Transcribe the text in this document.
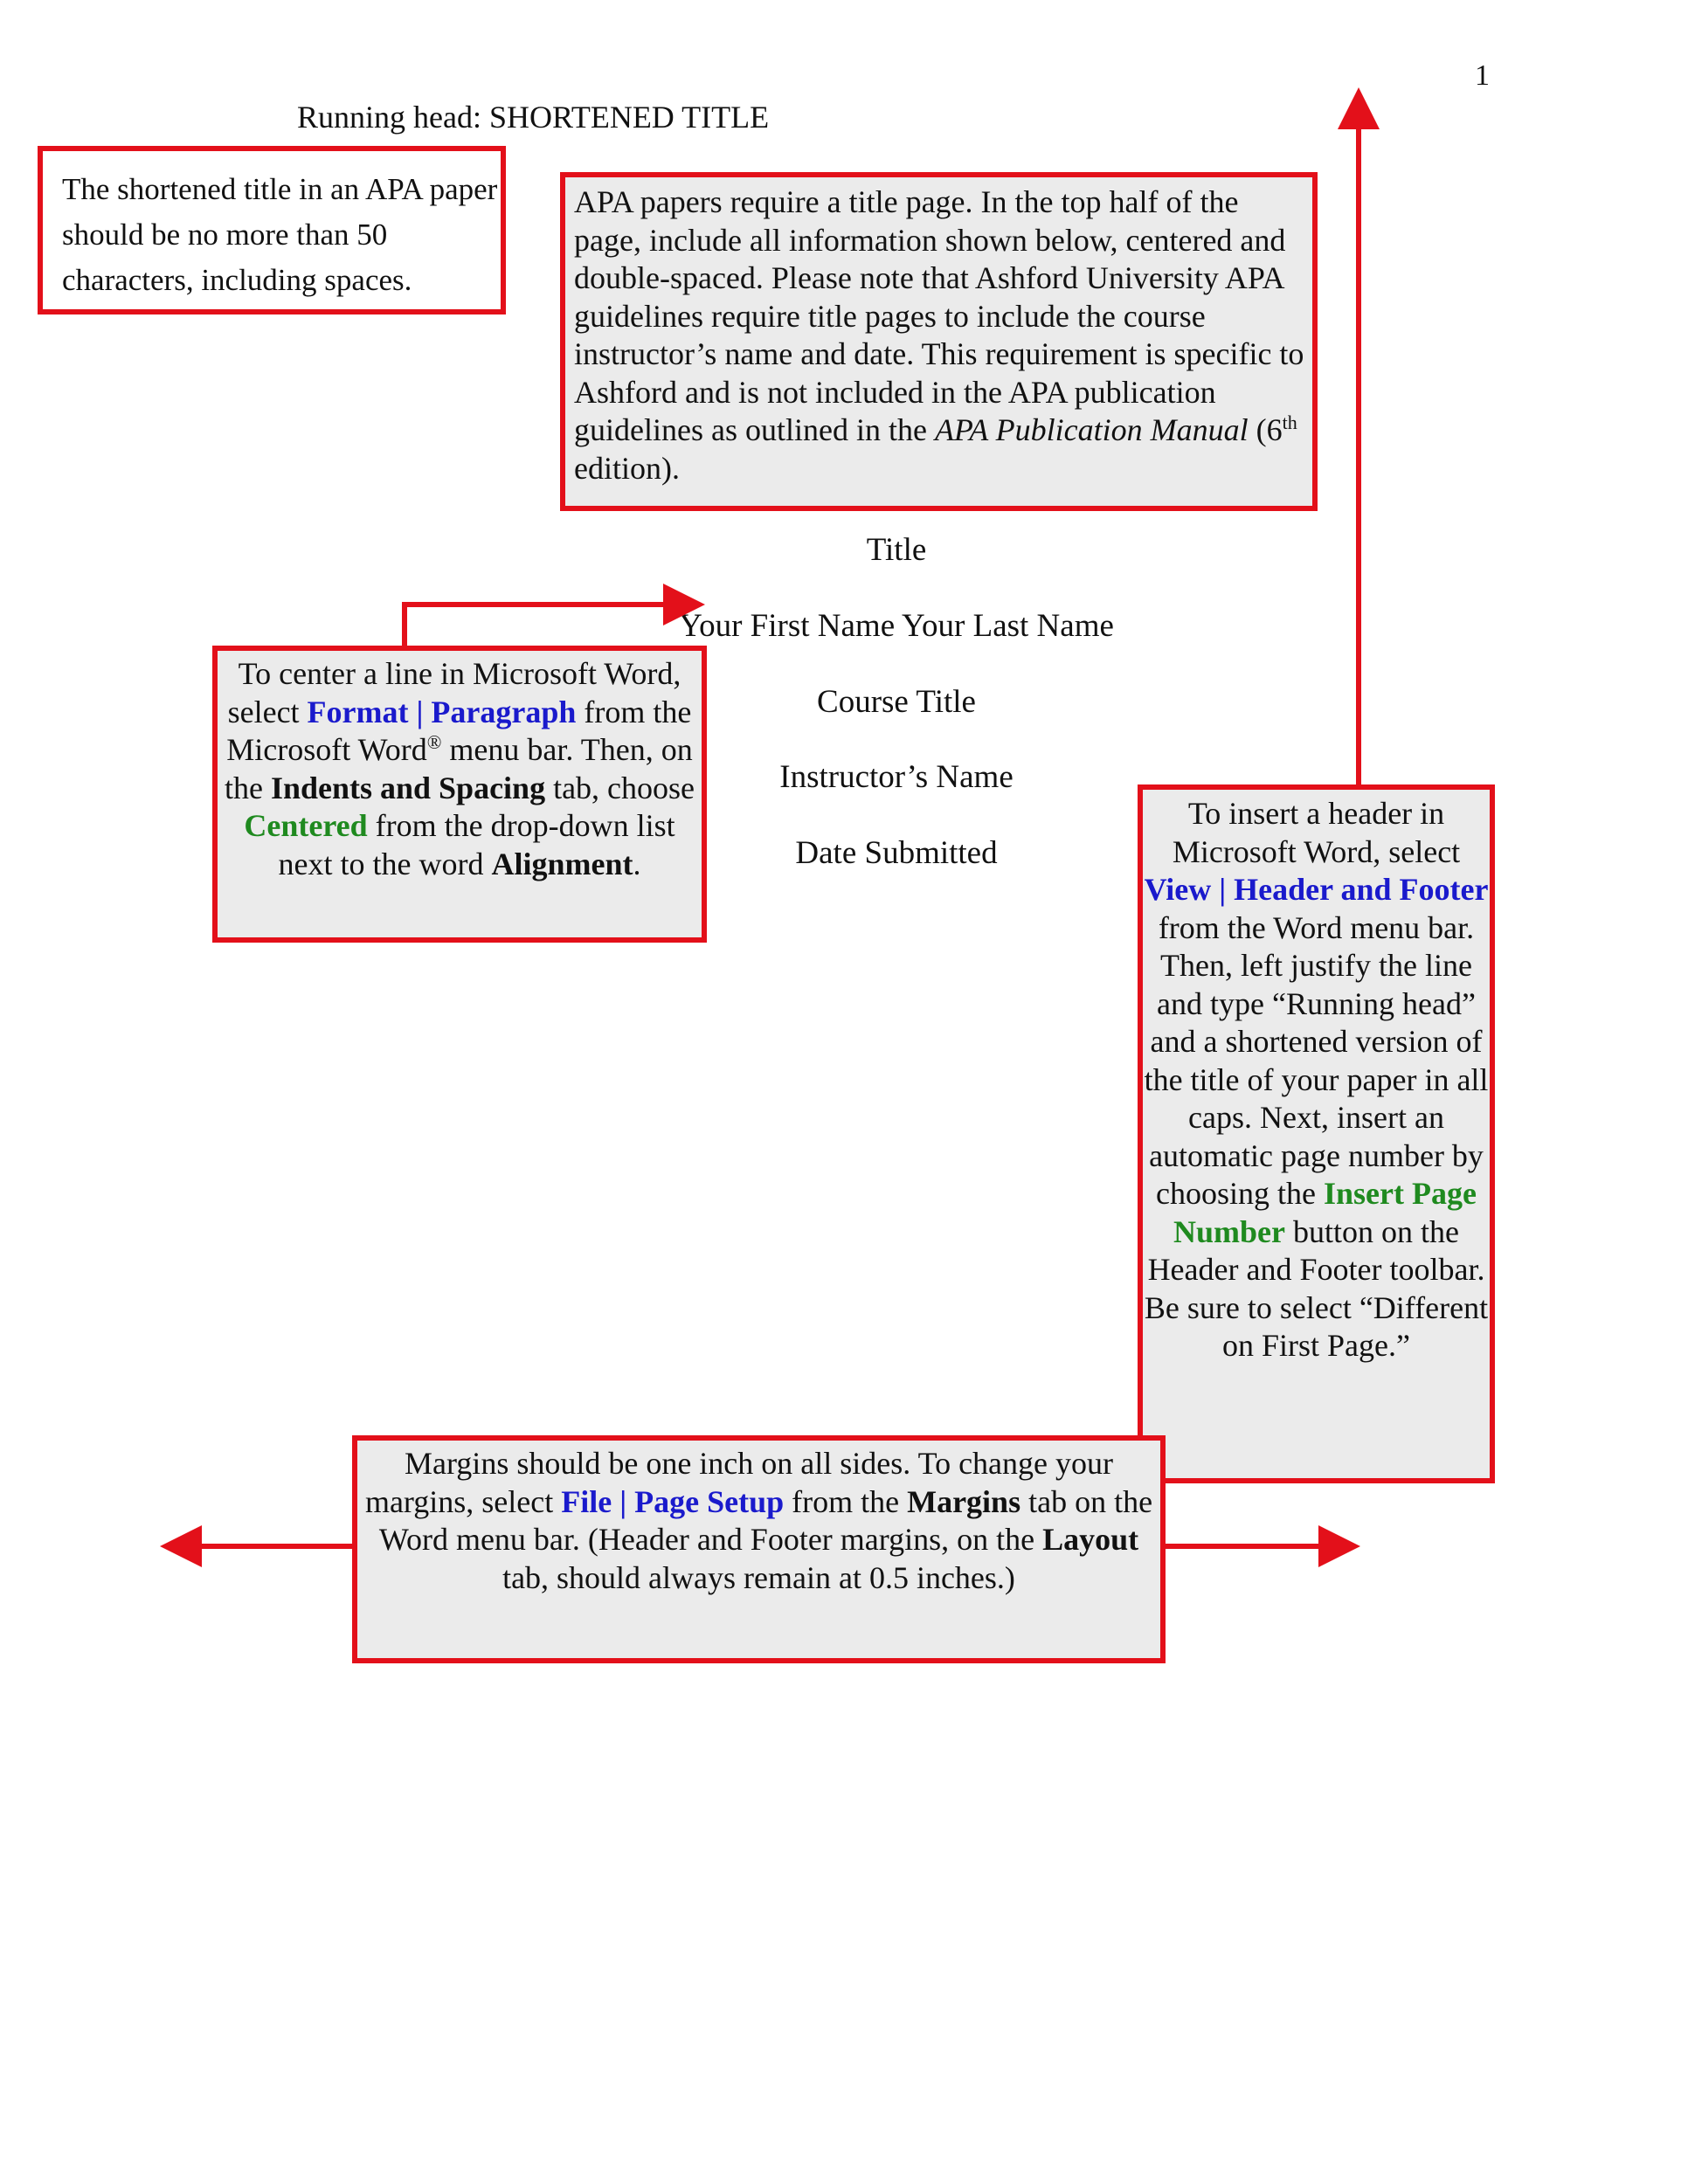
1
Running head: SHORTENED TITLE
Title
Your First Name Your Last Name
Course Title
Instructor’s Name
Date Submitted
The shortened title in an APA paper should be no more than 50 characters, including spaces.
APA papers require a title page. In the top half of the page, include all information shown below, centered and double-spaced. Please note that Ashford University APA guidelines require title pages to include the course instructor’s name and date. This requirement is specific to Ashford and is not included in the APA publication guidelines as outlined in the APA Publication Manual (6th edition).
To center a line in Microsoft Word, select Format | Paragraph from the Microsoft Word® menu bar. Then, on the Indents and Spacing tab, choose Centered from the drop-down list next to the word Alignment.
To insert a header in Microsoft Word, select View | Header and Footer from the Word menu bar. Then, left justify the line and type “Running head” and a shortened version of the title of your paper in all caps. Next, insert an automatic page number by choosing the Insert Page Number button on the Header and Footer toolbar.
Be sure to select “Different on First Page.”
Margins should be one inch on all sides. To change your margins, select File | Page Setup from the Margins tab on the Word menu bar. (Header and Footer margins, on the Layout tab, should always remain at 0.5 inches.)
